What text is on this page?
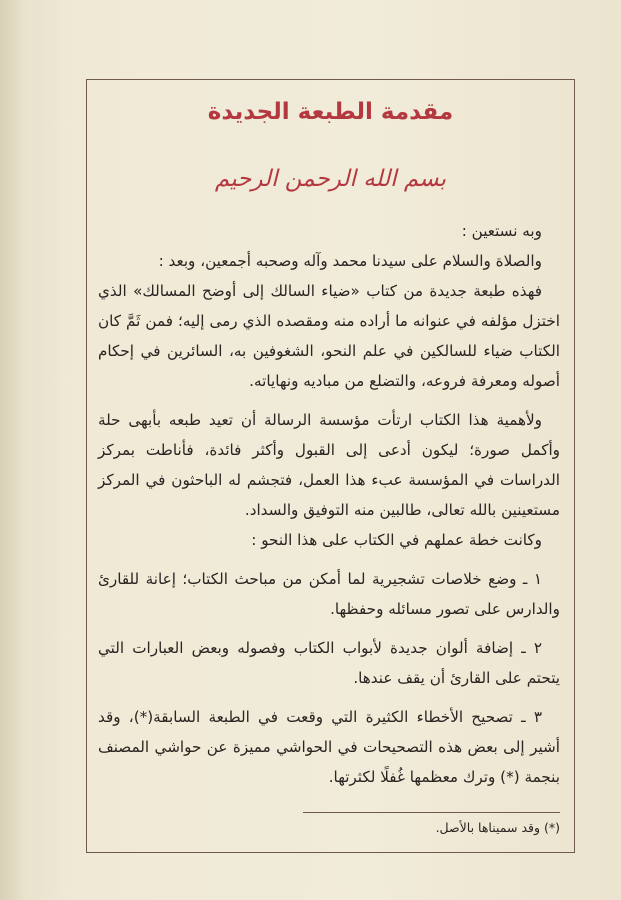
مقدمة الطبعة الجديدة
بسم الله الرحمن الرحيم

وبه نستعين :

والصلاة والسلام على سيدنا محمد وآله وصحبه أجمعين، وبعد :

فهذه طبعة جديدة من كتاب «ضياء السالك إلى أوضح المسالك» الذي اختزل مؤلفه في عنوانه ما أراده منه ومقصده الذي رمى إليه؛ فمن ثَمَّ كان الكتاب ضياء للسالكين في علم النحو، الشغوفين به، السائرين في إحكام أصوله ومعرفة فروعه، والتضلع من مباديه ونهاياته.

ولأهمية هذا الكتاب ارتأت مؤسسة الرسالة أن تعيد طبعه بأبهى حلة وأكمل صورة؛ ليكون أدعى إلى القبول وأكثر فائدة، فأناطت بمركز الدراسات في المؤسسة عبء هذا العمل، فتجشم له الباحثون في المركز مستعينين بالله تعالى، طالبين منه التوفيق والسداد.

وكانت خطة عملهم في الكتاب على هذا النحو :

١ ـ وضع خلاصات تشجيرية لما أمكن من مباحث الكتاب؛ إعانة للقارئ والدارس على تصور مسائله وحفظها.

٢ ـ إضافة ألوان جديدة لأبواب الكتاب وفصوله وبعض العبارات التي يتحتم على القارئ أن يقف عندها.

٣ ـ تصحيح الأخطاء الكثيرة التي وقعت في الطبعة السابقة(*)، وقد أشير إلى بعض هذه التصحيحات في الحواشي مميزة عن حواشي المصنف بنجمة (*) وترك معظمها غُفلًا لكثرتها.

(*) وقد سميناها بالأصل.
